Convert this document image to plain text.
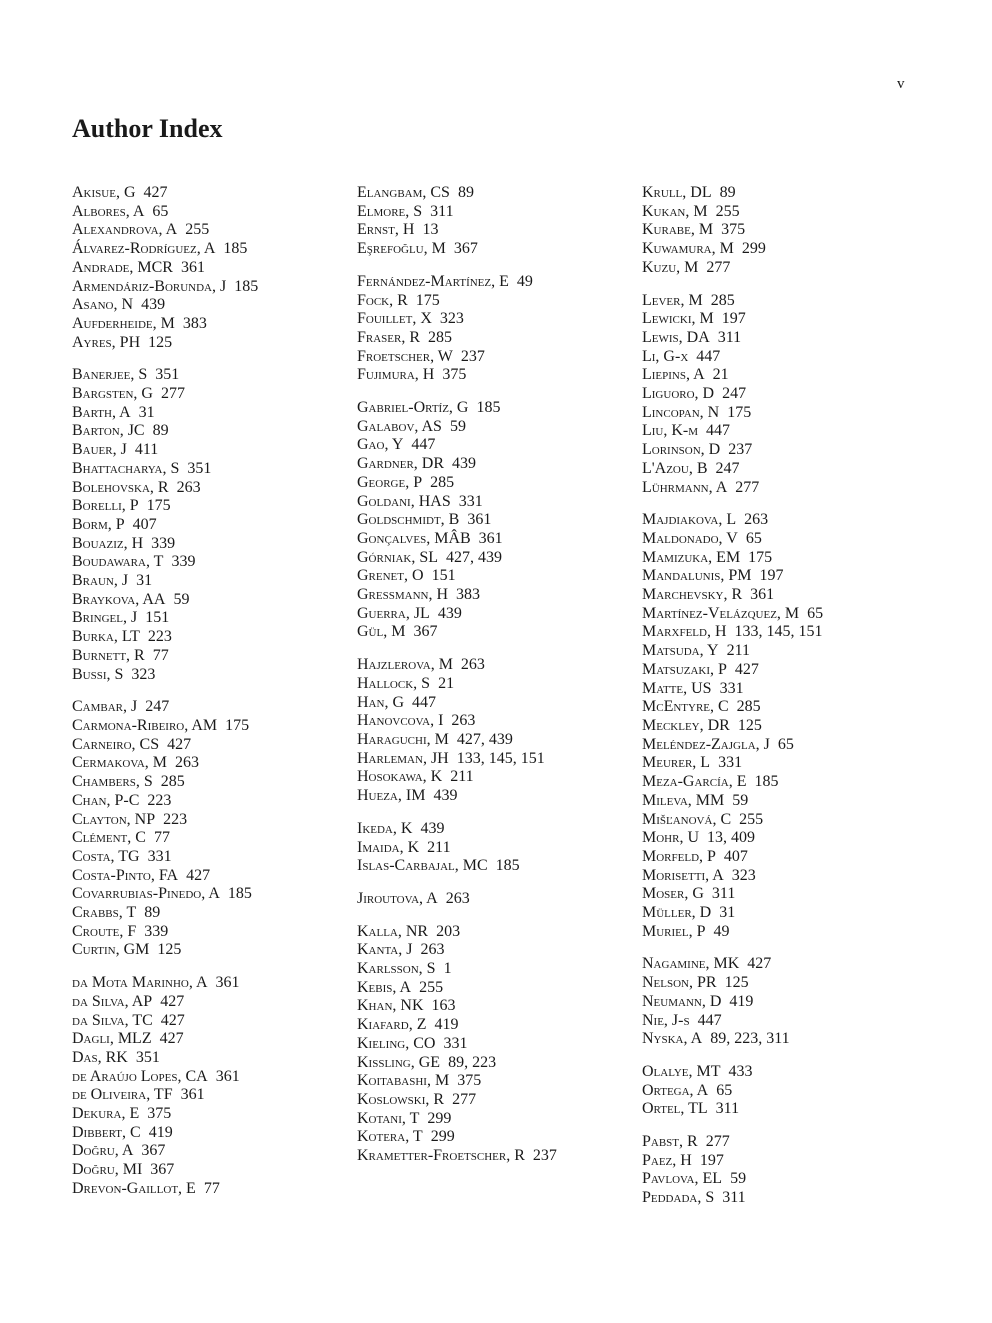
v
Author Index
Akisue, G 427
Albores, A 65
Alexandrova, A 255
Álvarez-Rodríguez, A 185
Andrade, MCR 361
Armendáriz-Borunda, J 185
Asano, N 439
Aufderheide, M 383
Ayres, PH 125
Banerjee, S 351
Bargsten, G 277
Barth, A 31
Barton, JC 89
Bauer, J 411
Bhattacharya, S 351
Bolehovska, R 263
Borelli, P 175
Borm, P 407
Bouaziz, H 339
Boudawara, T 339
Braun, J 31
Braykova, AA 59
Bringel, J 151
Burka, LT 223
Burnett, R 77
Bussi, S 323
Cambar, J 247
Carmona-Ribeiro, AM 175
Carneiro, CS 427
Cermakova, M 263
Chambers, S 285
Chan, P-C 223
Clayton, NP 223
Clément, C 77
Costa, TG 331
Costa-Pinto, FA 427
Covarrubias-Pinedo, A 185
Crabbs, T 89
Croute, F 339
Curtin, GM 125
da Mota Marinho, A 361
da Silva, AP 427
da Silva, TC 427
Dagli, MLZ 427
Das, RK 351
de Araújo Lopes, CA 361
de Oliveira, TF 361
Dekura, E 375
Dibbert, C 419
Doğru, A 367
Doğru, MI 367
Drevon-Gaillot, E 77
Elangbam, CS 89
Elmore, S 311
Ernst, H 13
Eşrefoğlu, M 367
Fernández-Martínez, E 49
Fock, R 175
Fouillet, X 323
Fraser, R 285
Froetscher, W 237
Fujimura, H 375
Gabriel-Ortíz, G 185
Galabov, AS 59
Gao, Y 447
Gardner, DR 439
George, P 285
Goldani, HAS 331
Goldschmidt, B 361
Gonçalves, MÂB 361
Górniak, SL 427, 439
Grenet, O 151
Gressmann, H 383
Guerra, JL 439
Gül, M 367
Hajzlerova, M 263
Hallock, S 21
Han, G 447
Hanovcova, I 263
Haraguchi, M 427, 439
Harleman, JH 133, 145, 151
Hosokawa, K 211
Hueza, IM 439
Ikeda, K 439
Imaida, K 211
Islas-Carbajal, MC 185
Jiroutova, A 263
Kalla, NR 203
Kanta, J 263
Karlsson, S 1
Kebis, A 255
Khan, NK 163
Kiafard, Z 419
Kieling, CO 331
Kissling, GE 89, 223
Koitabashi, M 375
Koslowski, R 277
Kotani, T 299
Kotera, T 299
Krametter-Froetscher, R 237
Krull, DL 89
Kukan, M 255
Kurabe, M 375
Kuwamura, M 299
Kuzu, M 277
Lever, M 285
Lewicki, M 197
Lewis, DA 311
Li, G-x 447
Liepins, A 21
Liguoro, D 247
Lincopan, N 175
Liu, K-m 447
Lorinson, D 237
L'Azou, B 247
Lührmann, A 277
Majdiakova, L 263
Maldonado, V 65
Mamizuka, EM 175
Mandalunis, PM 197
Marchevsky, R 361
Martínez-Velázquez, M 65
Marxfeld, H 133, 145, 151
Matsuda, Y 211
Matsuzaki, P 427
Matte, US 331
McEntyre, C 285
Meckley, DR 125
Meléndez-Zajgla, J 65
Meurer, L 331
Meza-García, E 185
Mileva, MM 59
Mišľanová, C 255
Mohr, U 13, 409
Morfeld, P 407
Morisetti, A 323
Moser, G 311
Müller, D 31
Muriel, P 49
Nagamine, MK 427
Nelson, PR 125
Neumann, D 419
Nie, J-s 447
Nyska, A 89, 223, 311
Olalye, MT 433
Ortega, A 65
Ortel, TL 311
Pabst, R 277
Paez, H 197
Pavlova, EL 59
Peddada, S 311
